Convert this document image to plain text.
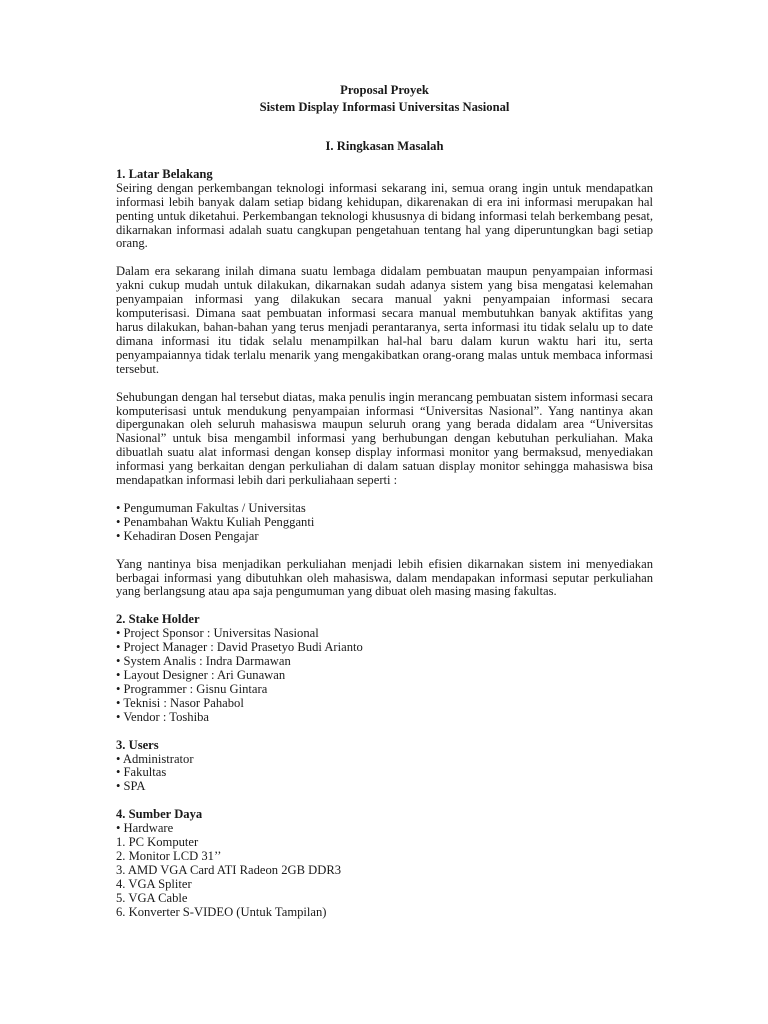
Proposal Proyek
Sistem Display Informasi Universitas Nasional
I. Ringkasan Masalah
1. Latar Belakang

Seiring dengan perkembangan teknologi informasi sekarang ini, semua orang ingin untuk mendapatkan informasi lebih banyak dalam setiap bidang kehidupan, dikarenakan di era ini informasi merupakan hal penting untuk diketahui. Perkembangan teknologi khususnya di bidang informasi telah berkembang pesat, dikarnakan informasi adalah suatu cangkupan pengetahuan tentang hal yang diperuntungkan bagi setiap orang.

Dalam era sekarang inilah dimana suatu lembaga didalam pembuatan maupun penyampaian informasi yakni cukup mudah untuk dilakukan, dikarnakan sudah adanya sistem yang bisa mengatasi kelemahan penyampaian informasi yang dilakukan secara manual yakni penyampaian informasi secara komputerisasi. Dimana saat pembuatan informasi secara manual membutuhkan banyak aktifitas yang harus dilakukan, bahan-bahan yang terus menjadi perantaranya, serta informasi itu tidak selalu up to date dimana informasi itu tidak selalu menampilkan hal-hal baru dalam kurun waktu hari itu, serta penyampaiannya tidak terlalu menarik yang mengakibatkan orang-orang malas untuk membaca informasi tersebut.

Sehubungan dengan hal tersebut diatas, maka penulis ingin merancang pembuatan sistem informasi secara komputerisasi untuk mendukung penyampaian informasi “Universitas Nasional”. Yang nantinya akan dipergunakan oleh seluruh mahasiswa maupun seluruh orang yang berada didalam area “Universitas Nasional” untuk bisa mengambil informasi yang berhubungan dengan kebutuhan perkuliahan. Maka dibuatlah suatu alat informasi dengan konsep display informasi monitor yang bermaksud, menyediakan informasi yang berkaitan dengan perkuliahan di dalam satuan display monitor sehingga mahasiswa bisa mendapatkan informasi lebih dari perkuliahaan seperti :

• Pengumuman Fakultas / Universitas
• Penambahan Waktu Kuliah Pengganti
• Kehadiran Dosen Pengajar

Yang nantinya bisa menjadikan perkuliahan menjadi lebih efisien dikarnakan sistem ini menyediakan berbagai informasi yang dibutuhkan oleh mahasiswa, dalam mendapakan informasi seputar perkuliahan yang berlangsung atau apa saja pengumuman yang dibuat oleh masing masing fakultas.

2. Stake Holder
• Project Sponsor : Universitas Nasional
• Project Manager : David Prasetyo Budi Arianto
• System Analis : Indra Darmawan
• Layout Designer : Ari Gunawan
• Programmer : Gisnu Gintara
• Teknisi : Nasor Pahabol
• Vendor : Toshiba
3. Users
• Administrator
• Fakultas
• SPA
4. Sumber Daya
• Hardware
1. PC Komputer
2. Monitor LCD 31’’
3. AMD VGA Card ATI Radeon 2GB DDR3
4. VGA Spliter
5. VGA Cable
6. Konverter S-VIDEO (Untuk Tampilan)
